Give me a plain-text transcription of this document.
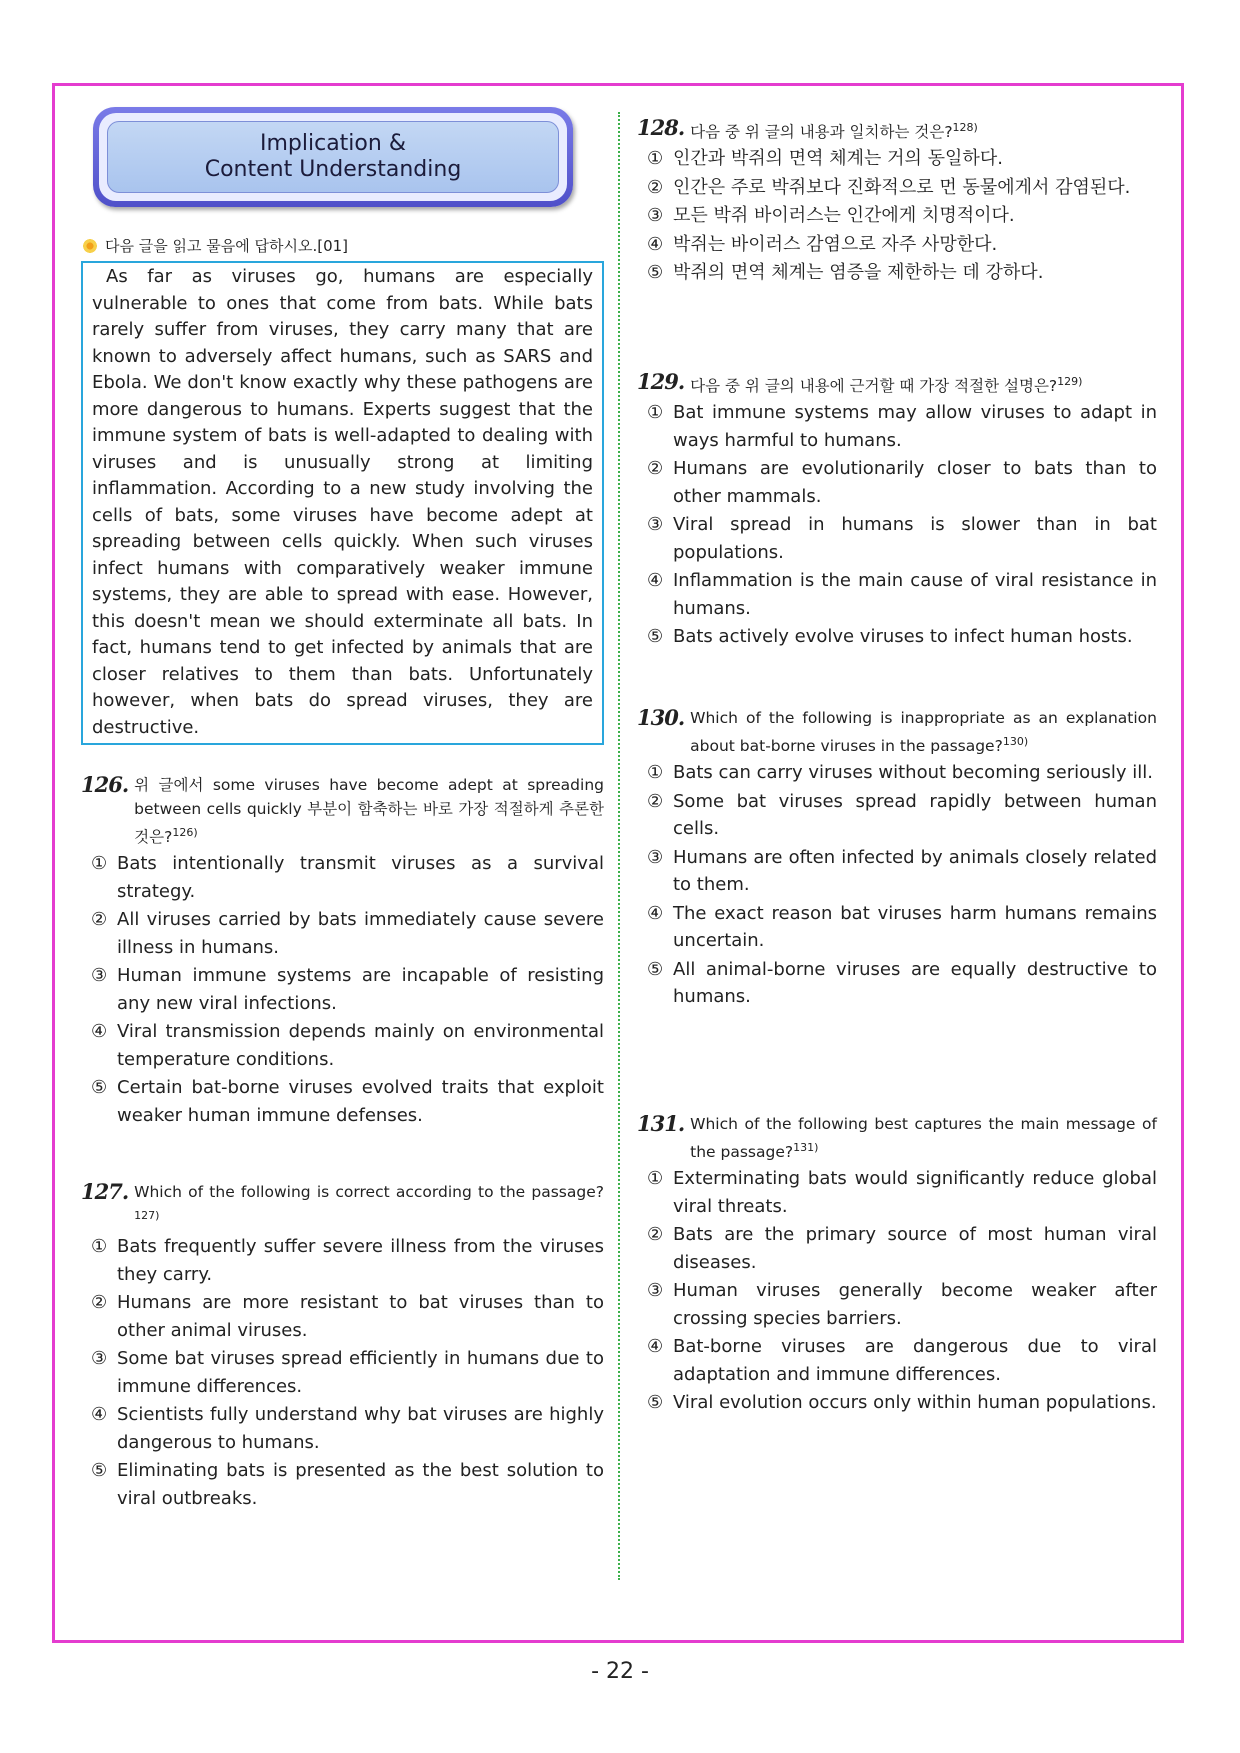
Implication &
Content Understanding
다음 글을 읽고 물음에 답하시오.[01]
As far as viruses go, humans are especially vulnerable to ones that come from bats. While bats rarely suffer from viruses, they carry many that are known to adversely affect humans, such as SARS and Ebola. We don't know exactly why these pathogens are more dangerous to humans. Experts suggest that the immune system of bats is well-adapted to dealing with viruses and is unusually strong at limiting inflammation. According to a new study involving the cells of bats, some viruses have become adept at spreading between cells quickly. When such viruses infect humans with comparatively weaker immune systems, they are able to spread with ease. However, this doesn't mean we should exterminate all bats. In fact, humans tend to get infected by animals that are closer relatives to them than bats. Unfortunately however, when bats do spread viruses, they are destructive.
126. 위 글에서 some viruses have become adept at spreading between cells quickly 부분이 함축하는 바로 가장 적절하게 추론한 것은?$^{126)}$
① Bats intentionally transmit viruses as a survival strategy.
② All viruses carried by bats immediately cause severe illness in humans.
③ Human immune systems are incapable of resisting any new viral infections.
④ Viral transmission depends mainly on environmental temperature conditions.
⑤ Certain bat-borne viruses evolved traits that exploit weaker human immune defenses.
127. Which of the following is correct according to the passage?$^{127)}$
① Bats frequently suffer severe illness from the viruses they carry.
② Humans are more resistant to bat viruses than to other animal viruses.
③ Some bat viruses spread efficiently in humans due to immune differences.
④ Scientists fully understand why bat viruses are highly dangerous to humans.
⑤ Eliminating bats is presented as the best solution to viral outbreaks.
128. 다음 중 위 글의 내용과 일치하는 것은?$^{128)}$
① 인간과 박쥐의 면역 체계는 거의 동일하다.
② 인간은 주로 박쥐보다 진화적으로 먼 동물에게서 감염된다.
③ 모든 박쥐 바이러스는 인간에게 치명적이다.
④ 박쥐는 바이러스 감염으로 자주 사망한다.
⑤ 박쥐의 면역 체계는 염증을 제한하는 데 강하다.
129. 다음 중 위 글의 내용에 근거할 때 가장 적절한 설명은?$^{129)}$
① Bat immune systems may allow viruses to adapt in ways harmful to humans.
② Humans are evolutionarily closer to bats than to other mammals.
③ Viral spread in humans is slower than in bat populations.
④ Inflammation is the main cause of viral resistance in humans.
⑤ Bats actively evolve viruses to infect human hosts.
130. Which of the following is inappropriate as an explanation about bat-borne viruses in the passage?$^{130)}$
① Bats can carry viruses without becoming seriously ill.
② Some bat viruses spread rapidly between human cells.
③ Humans are often infected by animals closely related to them.
④ The exact reason bat viruses harm humans remains uncertain.
⑤ All animal-borne viruses are equally destructive to humans.
131. Which of the following best captures the main message of the passage?$^{131)}$
① Exterminating bats would significantly reduce global viral threats.
② Bats are the primary source of most human viral diseases.
③ Human viruses generally become weaker after crossing species barriers.
④ Bat-borne viruses are dangerous due to viral adaptation and immune differences.
⑤ Viral evolution occurs only within human populations.
- 22 -
